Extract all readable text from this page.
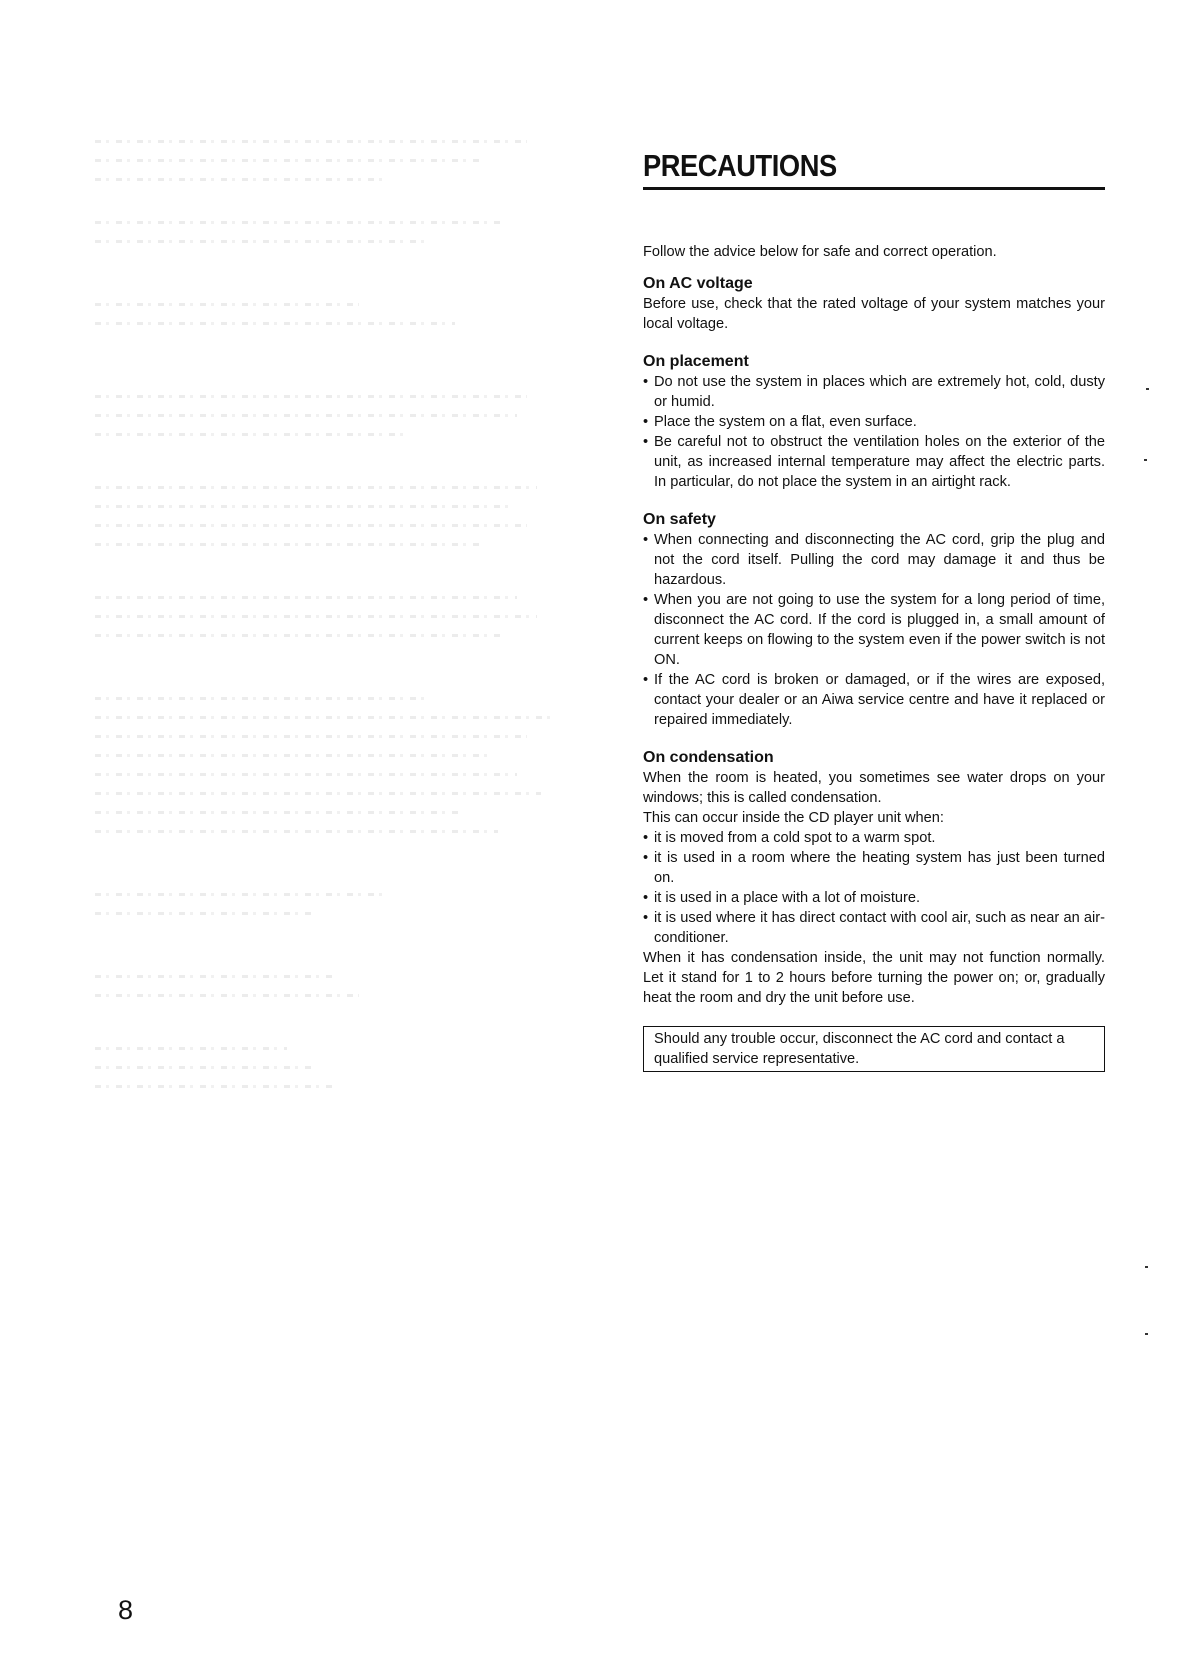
PRECAUTIONS

Follow the advice below for safe and correct operation.

On AC voltage

Before use, check that the rated voltage of your system matches your local voltage.

On placement
• Do not use the system in places which are extremely hot, cold, dusty or humid.
• Place the system on a flat, even surface.
• Be careful not to obstruct the ventilation holes on the exterior of the unit, as increased internal temperature may affect the electric parts. In particular, do not place the system in an airtight rack.
On safety
• When connecting and disconnecting the AC cord, grip the plug and not the cord itself. Pulling the cord may damage it and thus be hazardous.
• When you are not going to use the system for a long period of time, disconnect the AC cord. If the cord is plugged in, a small amount of current keeps on flowing to the system even if the power switch is not ON.
• If the AC cord is broken or damaged, or if the wires are exposed, contact your dealer or an Aiwa service centre and have it replaced or repaired immediately.
On condensation

When the room is heated, you sometimes see water drops on your windows; this is called condensation.

This can occur inside the CD player unit when:

• it is moved from a cold spot to a warm spot.
• it is used in a room where the heating system has just been turned on.
• it is used in a place with a lot of moisture.
• it is used where it has direct contact with cool air, such as near an air-conditioner.

When it has condensation inside, the unit may not function normally. Let it stand for 1 to 2 hours before turning the power on; or, gradually heat the room and dry the unit before use.

Should any trouble occur, disconnect the AC cord and contact a qualified service representative.
8
